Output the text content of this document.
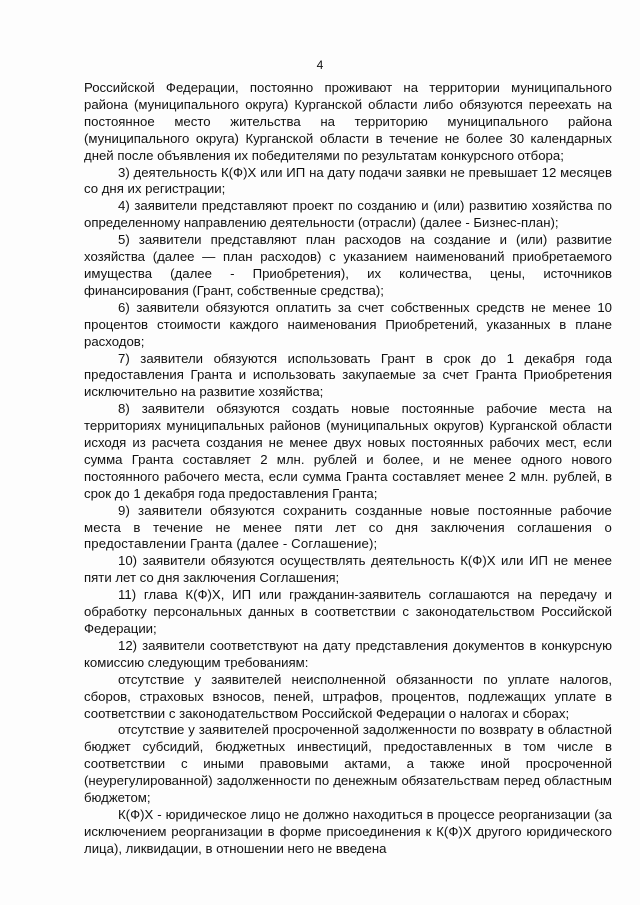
4

Российской Федерации, постоянно проживают на территории муниципального района (муниципального округа) Курганской области либо обязуются переехать на постоянное место жительства на территорию муниципального района (муниципального округа) Курганской области в течение не более 30 календарных дней после объявления их победителями по результатам конкурсного отбора;

3) деятельность К(Ф)Х или ИП на дату подачи заявки не превышает 12 месяцев со дня их регистрации;

4) заявители представляют проект по созданию и (или) развитию хозяйства по определенному направлению деятельности (отрасли) (далее - Бизнес-план);

5) заявители представляют план расходов на создание и (или) развитие хозяйства (далее — план расходов) с указанием наименований приобретаемого имущества (далее - Приобретения), их количества, цены, источников финансирования (Грант, собственные средства);

6) заявители обязуются оплатить за счет собственных средств не менее 10 процентов стоимости каждого наименования Приобретений, указанных в плане расходов;

7) заявители обязуются использовать Грант в срок до 1 декабря года предоставления Гранта и использовать закупаемые за счет Гранта Приобретения исключительно на развитие хозяйства;

8) заявители обязуются создать новые постоянные рабочие места на территориях муниципальных районов (муниципальных округов) Курганской области исходя из расчета создания не менее двух новых постоянных рабочих мест, если сумма Гранта составляет 2 млн. рублей и более, и не менее одного нового постоянного рабочего места, если сумма Гранта составляет менее 2 млн. рублей, в срок до 1 декабря года предоставления Гранта;

9) заявители обязуются сохранить созданные новые постоянные рабочие места в течение не менее пяти лет со дня заключения соглашения о предоставлении Гранта (далее - Соглашение);

10) заявители обязуются осуществлять деятельность К(Ф)Х или ИП не менее пяти лет со дня заключения Соглашения;

11) глава К(Ф)Х, ИП или гражданин-заявитель соглашаются на передачу и обработку персональных данных в соответствии с законодательством Российской Федерации;

12) заявители соответствуют на дату представления документов в конкурсную комиссию следующим требованиям:

отсутствие у заявителей неисполненной обязанности по уплате налогов, сборов, страховых взносов, пеней, штрафов, процентов, подлежащих уплате в соответствии с законодательством Российской Федерации о налогах и сборах;

отсутствие у заявителей просроченной задолженности по возврату в областной бюджет субсидий, бюджетных инвестиций, предоставленных в том числе в соответствии с иными правовыми актами, а также иной просроченной (неурегулированной) задолженности по денежным обязательствам перед областным бюджетом;

К(Ф)Х - юридическое лицо не должно находиться в процессе реорганизации (за исключением реорганизации в форме присоединения к К(Ф)Х другого юридического лица), ликвидации, в отношении него не введена
